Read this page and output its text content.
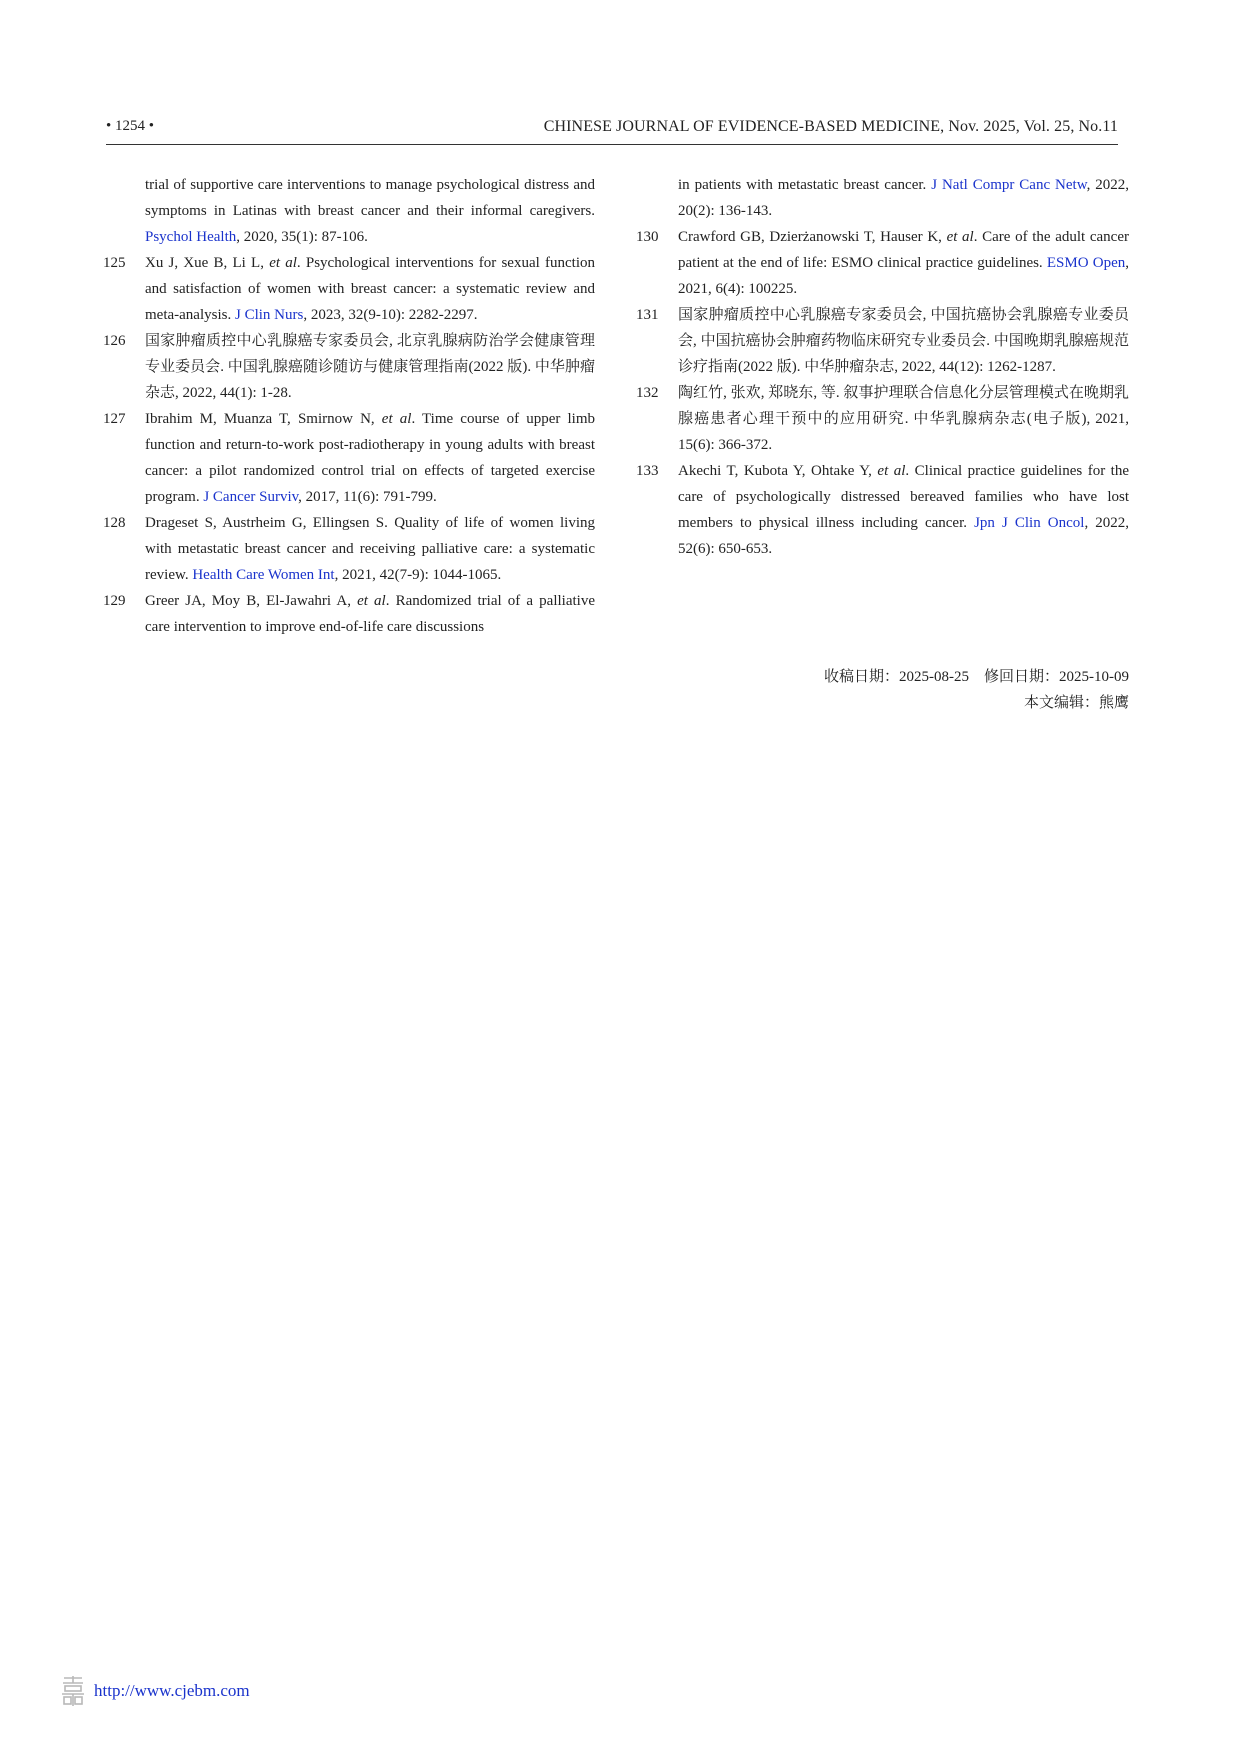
• 1254 •	CHINESE JOURNAL OF EVIDENCE-BASED MEDICINE, Nov. 2025, Vol. 25, No.11
trial of supportive care interventions to manage psychological distress and symptoms in Latinas with breast cancer and their informal caregivers. Psychol Health, 2020, 35(1): 87-106.
125	Xu J, Xue B, Li L, et al. Psychological interventions for sexual function and satisfaction of women with breast cancer: a systematic review and meta-analysis. J Clin Nurs, 2023, 32(9-10): 2282-2297.
126	国家肿瘤质控中心乳腺癌专家委员会, 北京乳腺病防治学会健康管理专业委员会. 中国乳腺癌随诊随访与健康管理指南(2022 版). 中华肿瘤杂志, 2022, 44(1): 1-28.
127	Ibrahim M, Muanza T, Smirnow N, et al. Time course of upper limb function and return-to-work post-radiotherapy in young adults with breast cancer: a pilot randomized control trial on effects of targeted exercise program. J Cancer Surviv, 2017, 11(6): 791-799.
128	Drageset S, Austrheim G, Ellingsen S. Quality of life of women living with metastatic breast cancer and receiving palliative care: a systematic review. Health Care Women Int, 2021, 42(7-9): 1044-1065.
129	Greer JA, Moy B, El-Jawahri A, et al. Randomized trial of a palliative care intervention to improve end-of-life care discussions
in patients with metastatic breast cancer. J Natl Compr Canc Netw, 2022, 20(2): 136-143.
130	Crawford GB, Dzierżanowski T, Hauser K, et al. Care of the adult cancer patient at the end of life: ESMO clinical practice guidelines. ESMO Open, 2021, 6(4): 100225.
131	国家肿瘤质控中心乳腺癌专家委员会, 中国抗癌协会乳腺癌专业委员会, 中国抗癌协会肿瘤药物临床研究专业委员会. 中国晚期乳腺癌规范诊疗指南(2022 版). 中华肿瘤杂志, 2022, 44(12): 1262-1287.
132	陶红竹, 张欢, 郑晓东, 等. 叙事护理联合信息化分层管理模式在晚期乳腺癌患者心理干预中的应用研究. 中华乳腺病杂志(电子版), 2021, 15(6): 366-372.
133	Akechi T, Kubota Y, Ohtake Y, et al. Clinical practice guidelines for the care of psychologically distressed bereaved families who have lost members to physical illness including cancer. Jpn J Clin Oncol, 2022, 52(6): 650-653.
收稿日期：2025-08-25　修回日期：2025-10-09
本文编辑：熊鹰
http://www.cjebm.com
